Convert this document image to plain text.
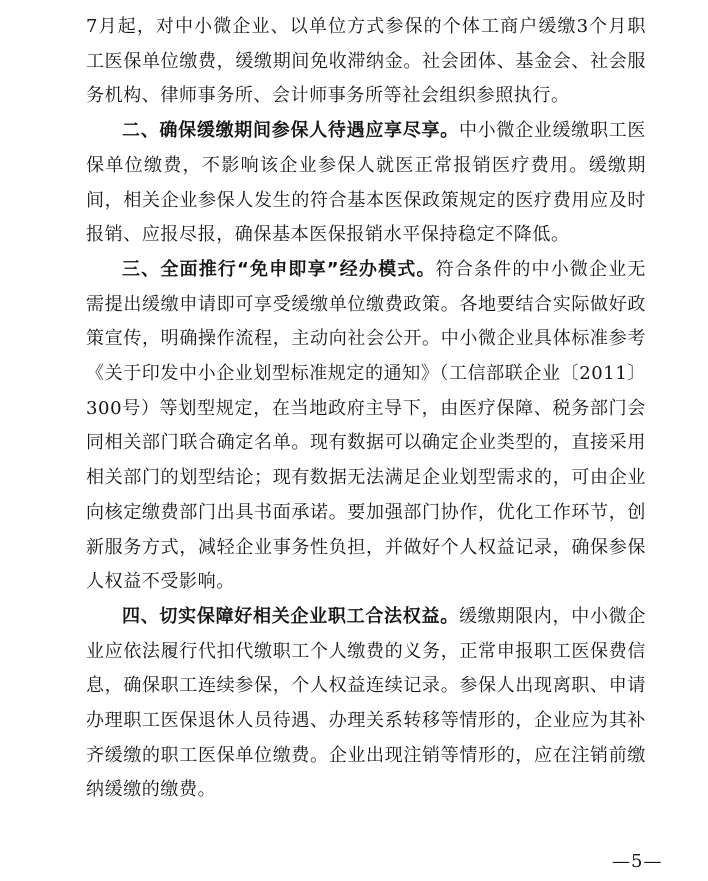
7月起，对中小微企业、以单位方式参保的个体工商户缓缴3个月职工医保单位缴费，缓缴期间免收滞纳金。社会团体、基金会、社会服务机构、律师事务所、会计师事务所等社会组织参照执行。

二、确保缓缴期间参保人待遇应享尽享。中小微企业缓缴职工医保单位缴费，不影响该企业参保人就医正常报销医疗费用。缓缴期间，相关企业参保人发生的符合基本医保政策规定的医疗费用应及时报销、应报尽报，确保基本医保报销水平保持稳定不降低。

三、全面推行“免申即享”经办模式。符合条件的中小微企业无需提出缓缴申请即可享受缓缴单位缴费政策。各地要结合实际做好政策宣传，明确操作流程，主动向社会公开。中小微企业具体标准参考《关于印发中小企业划型标准规定的通知》（工信部联企业〔2011〕300号）等划型规定，在当地政府主导下，由医疗保障、税务部门会同相关部门联合确定名单。现有数据可以确定企业类型的，直接采用相关部门的划型结论；现有数据无法满足企业划型需求的，可由企业向核定缴费部门出具书面承诺。要加强部门协作，优化工作环节，创新服务方式，减轻企业事务性负担，并做好个人权益记录，确保参保人权益不受影响。

四、切实保障好相关企业职工合法权益。缓缴期限内，中小微企业应依法履行代扣代缴职工个人缴费的义务，正常申报职工医保费信息，确保职工连续参保，个人权益连续记录。参保人出现离职、申请办理职工医保退休人员待遇、办理关系转移等情形的，企业应为其补齐缓缴的职工医保单位缴费。企业出现注销等情形的，应在注销前缴纳缓缴的缴费。

—5—
